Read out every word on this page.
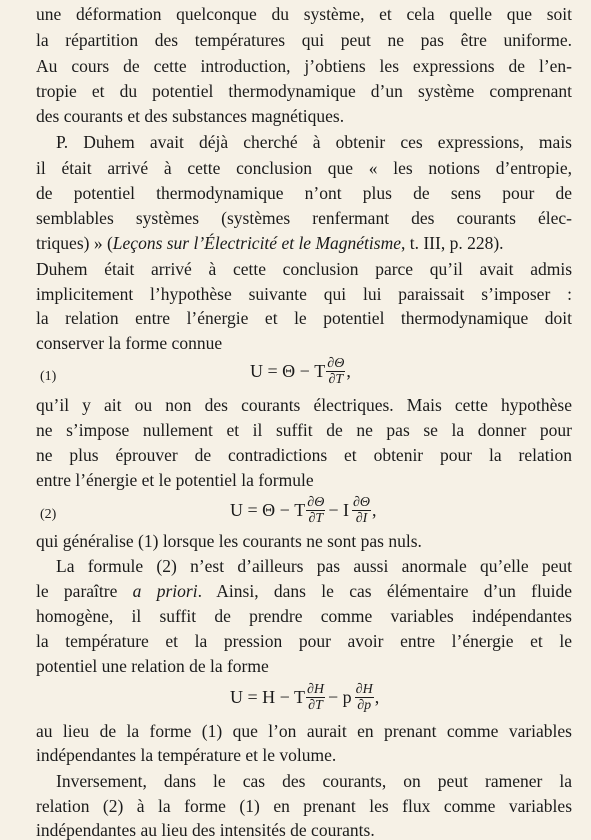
une déformation quelconque du système, et cela quelle que soit
la répartition des températures qui peut ne pas être uniforme.
Au cours de cette introduction, j’obtiens les expressions de l’en-
tropie et du potentiel thermodynamique d’un système comprenant
des courants et des substances magnétiques.
P. Duhem avait déjà cherché à obtenir ces expressions, mais
il était arrivé à cette conclusion que « les notions d’entropie,
de potentiel thermodynamique n’ont plus de sens pour de
semblables systèmes (systèmes renfermant des courants élec-
triques) » (Leçons sur l’Électricité et le Magnétisme, t. III, p. 228).
Duhem était arrivé à cette conclusion parce qu’il avait admis
implicitement l’hypothèse suivante qui lui paraissait s’imposer :
la relation entre l’énergie et le potentiel thermodynamique doit
conserver la forme connue
(1)	U = Θ − T $\frac{\partial\Theta}{\partial T}$ ,
qu’il y ait ou non des courants électriques. Mais cette hypothèse
ne s’impose nullement et il suffit de ne pas se la donner pour
ne plus éprouver de contradictions et obtenir pour la relation
entre l’énergie et le potentiel la formule
(2)	U = Θ − T $\frac{\partial\Theta}{\partial T} - I \frac{\partial\Theta}{\partial I}$ ,
qui généralise (1) lorsque les courants ne sont pas nuls.
La formule (2) n’est d’ailleurs pas aussi anormale qu’elle peut
le paraître a priori. Ainsi, dans le cas élémentaire d’un fluide
homogène, il suffit de prendre comme variables indépendantes
la température et la pression pour avoir entre l’énergie et le
potentiel une relation de la forme
U = H − T $\frac{\partial H}{\partial T} - p \frac{\partial H}{\partial p}$ ,
au lieu de la forme (1) que l’on aurait en prenant comme variables
indépendantes la température et le volume.
Inversement, dans le cas des courants, on peut ramener la
relation (2) à la forme (1) en prenant les flux comme variables
indépendantes au lieu des intensités de courants.
